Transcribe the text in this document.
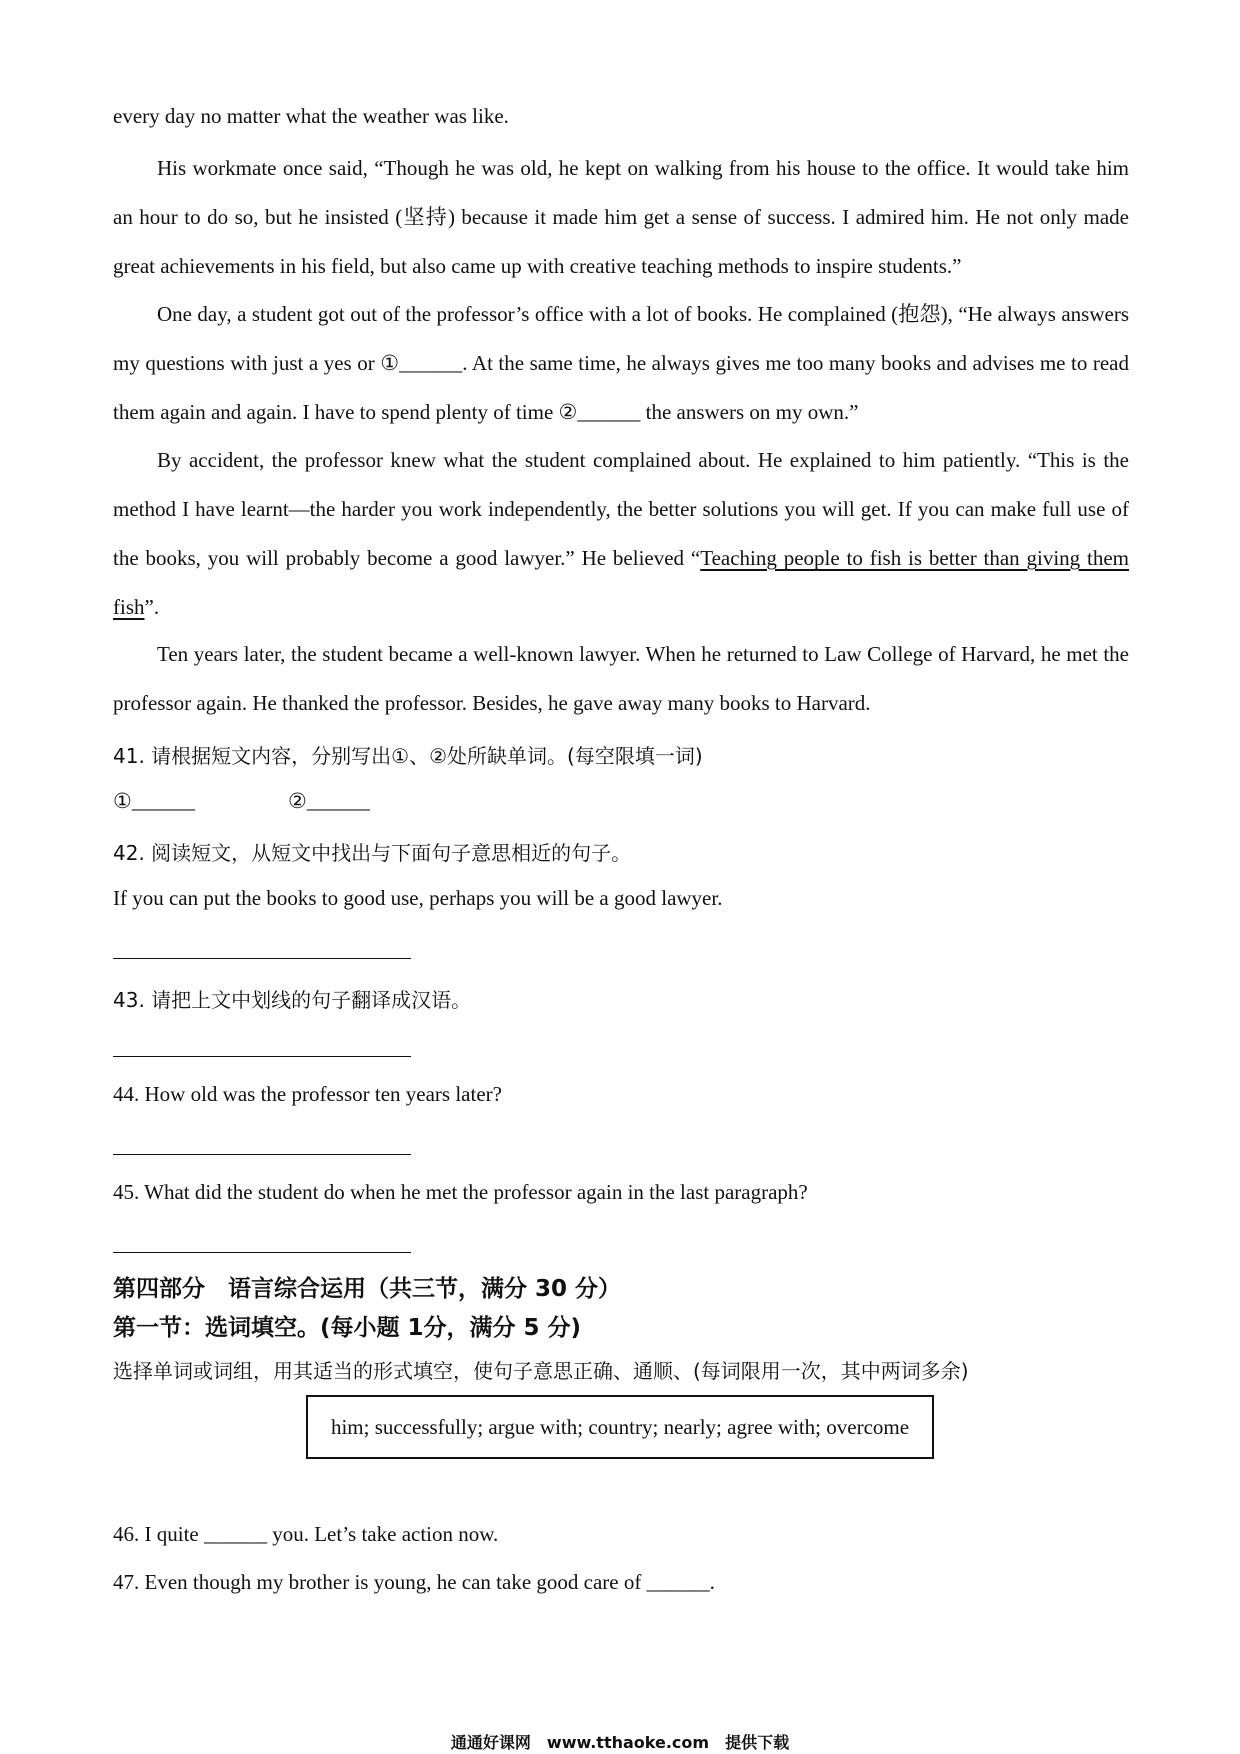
every day no matter what the weather was like.

His workmate once said, “Though he was old, he kept on walking from his house to the office. It would take him an hour to do so, but he insisted (坚持) because it made him get a sense of success. I admired him. He not only made great achievements in his field, but also came up with creative teaching methods to inspire students.”

One day, a student got out of the professor’s office with a lot of books. He complained (抱怨), “He always answers my questions with just a yes or ①______. At the same time, he always gives me too many books and advises me to read them again and again. I have to spend plenty of time ②______ the answers on my own.”

By accident, the professor knew what the student complained about. He explained to him patiently. “This is the method I have learnt—the harder you work independently, the better solutions you will get. If you can make full use of the books, you will probably become a good lawyer.” He believed “Teaching people to fish is better than giving them fish”.

Ten years later, the student became a well-known lawyer. When he returned to Law College of Harvard, he met the professor again. He thanked the professor. Besides, he gave away many books to Harvard.

41. 请根据短文内容，分别写出①、②处所缺单词。(每空限填一词)

①______	②______

42. 阅读短文，从短文中找出与下面句子意思相近的句子。

If you can put the books to good use, perhaps you will be a good lawyer.

43. 请把上文中划线的句子翻译成汉语。

44. How old was the professor ten years later?

45. What did the student do when he met the professor again in the last paragraph?

第四部分　语言综合运用（共三节，满分 30 分）

第一节：选词填空。(每小题 1分，满分 5 分)

选择单词或词组，用其适当的形式填空，使句子意思正确、通顺、(每词限用一次，其中两词多余)

him; successfully; argue with; country; nearly; agree with; overcome

46. I quite ______ you. Let’s take action now.

47. Even though my brother is young, he can take good care of ______.

通通好课网　www.tthaoke.com　提供下载
